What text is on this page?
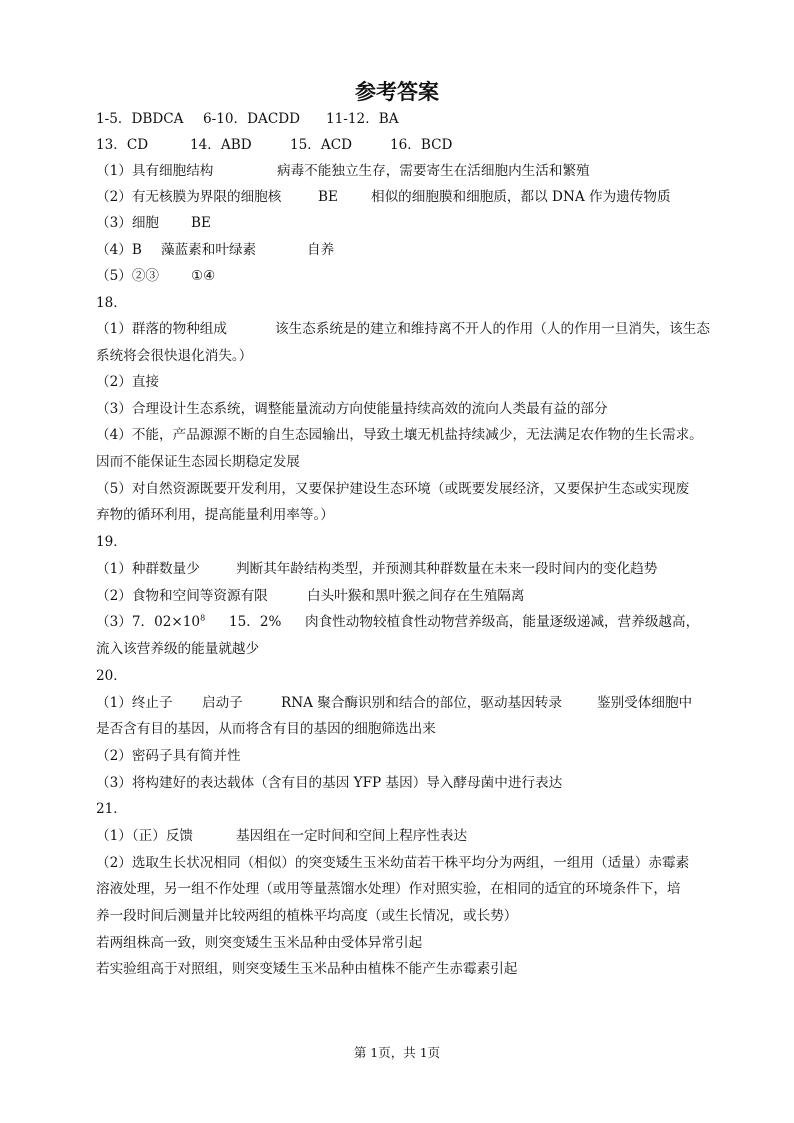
参考答案
1-5．DBDCA 6-10．DACDD 11-12．BA
13．CD	14．ABD	15．ACD	16．BCD
（1）具有细胞结构	病毒不能独立生存，需要寄生在活细胞内生活和繁殖
（2）有无核膜为界限的细胞核	BE 相似的细胞膜和细胞质，都以 DNA 作为遗传物质
（3）细胞 BE
（4）B 藻蓝素和叶绿素	自养
（5）②③ ①④
18．
（1）群落的物种组成	该生态系统是的建立和维持离不开人的作用（人的作用一旦消失，该生态
系统将会很快退化消失。）
（2）直接
（3）合理设计生态系统，调整能量流动方向使能量持续高效的流向人类最有益的部分
（4）不能，产品源源不断的自生态园输出，导致土壤无机盐持续减少，无法满足农作物的生长需求。
因而不能保证生态园长期稳定发展
（5）对自然资源既要开发利用，又要保护建设生态环境（或既要发展经济，又要保护生态或实现废
弃物的循环利用，提高能量利用率等。）
19．
（1）种群数量少	判断其年龄结构类型，并预测其种群数量在未来一段时间内的变化趋势
（2）食物和空间等资源有限	白头叶猴和黑叶猴之间存在生殖隔离
（3）7．$02\times 10^8$ 15．2% 肉食性动物较植食性动物营养级高，能量逐级递减，营养级越高，
流入该营养级的能量就越少
20．
（1）终止子 启动子	RNA 聚合酶识别和结合的部位，驱动基因转录	鉴别受体细胞中
是否含有目的基因，从而将含有目的基因的细胞筛选出来
（2）密码子具有简并性
（3）将构建好的表达载体（含有目的基因 YFP 基因）导入酵母菌中进行表达
21．
（1）（正）反馈	基因组在一定时间和空间上程序性表达
（2）选取生长状况相同（相似）的突变矮生玉米幼苗若干株平均分为两组，一组用（适量）赤霉素
溶液处理，另一组不作处理（或用等量蒸馏水处理）作对照实验，在相同的适宜的环境条件下，培
养一段时间后测量并比较两组的植株平均高度（或生长情况，或长势）
若两组株高一致，则突变矮生玉米品种由受体异常引起
若实验组高于对照组，则突变矮生玉米品种由植株不能产生赤霉素引起
第 1页，共 1页
